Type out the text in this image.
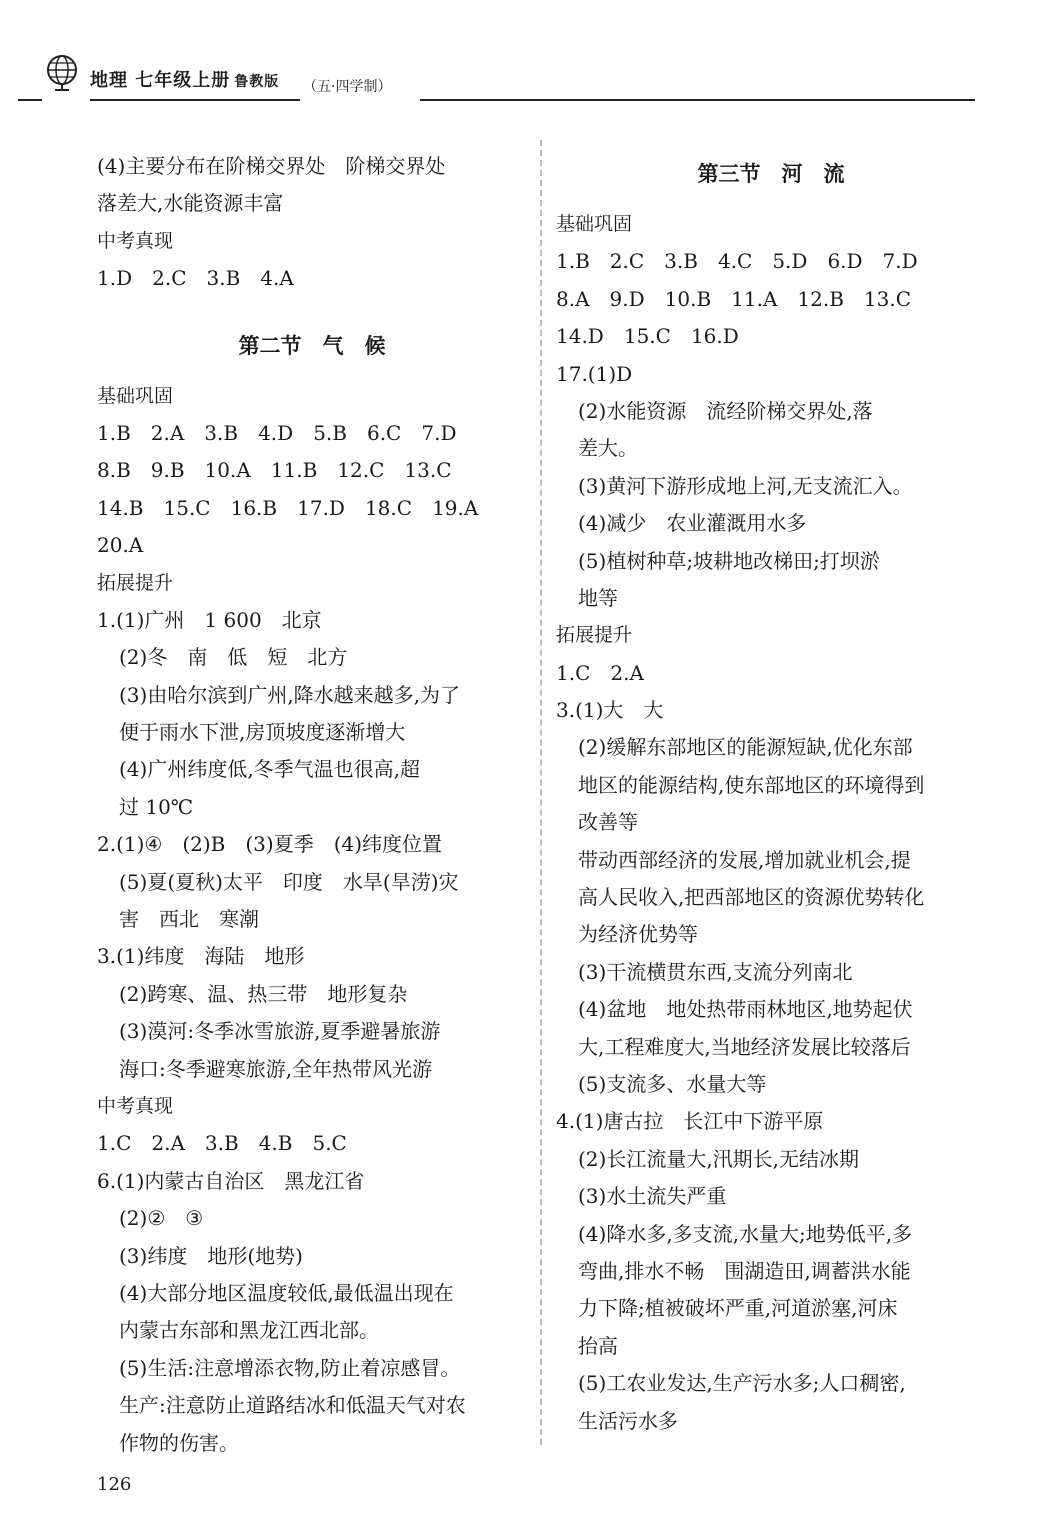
地理 七年级上册 鲁教版 （五·四学制）
(4)主要分布在阶梯交界处　阶梯交界处
落差大,水能资源丰富
中考真现
1.D　2.C　3.B　4.A
第二节　气　候
基础巩固
1.B　2.A　3.B　4.D　5.B　6.C　7.D
8.B　9.B　10.A　11.B　12.C　13.C
14.B　15.C　16.B　17.D　18.C　19.A
20.A
拓展提升
1.(1)广州　1 600　北京
(2)冬　南　低　短　北方
(3)由哈尔滨到广州,降水越来越多,为了
便于雨水下泄,房顶坡度逐渐增大
(4)广州纬度低,冬季气温也很高,超
过 10℃
2.(1)④　(2)B　(3)夏季　(4)纬度位置
(5)夏(夏秋)太平　印度　水旱(旱涝)灾
害　西北　寒潮
3.(1)纬度　海陆　地形
(2)跨寒、温、热三带　地形复杂
(3)漠河:冬季冰雪旅游,夏季避暑旅游
海口:冬季避寒旅游,全年热带风光游
中考真现
1.C　2.A　3.B　4.B　5.C
6.(1)内蒙古自治区　黑龙江省
(2)②　③
(3)纬度　地形(地势)
(4)大部分地区温度较低,最低温出现在
内蒙古东部和黑龙江西北部。
(5)生活:注意增添衣物,防止着凉感冒。
生产:注意防止道路结冰和低温天气对农
作物的伤害。
第三节　河　流
基础巩固
1.B　2.C　3.B　4.C　5.D　6.D　7.D
8.A　9.D　10.B　11.A　12.B　13.C
14.D　15.C　16.D
17.(1)D
(2)水能资源　流经阶梯交界处,落
差大。
(3)黄河下游形成地上河,无支流汇入。
(4)减少　农业灌溉用水多
(5)植树种草;坡耕地改梯田;打坝淤
地等
拓展提升
1.C　2.A
3.(1)大　大
(2)缓解东部地区的能源短缺,优化东部
地区的能源结构,使东部地区的环境得到
改善等
带动西部经济的发展,增加就业机会,提
高人民收入,把西部地区的资源优势转化
为经济优势等
(3)干流横贯东西,支流分列南北
(4)盆地　地处热带雨林地区,地势起伏
大,工程难度大,当地经济发展比较落后
(5)支流多、水量大等
4.(1)唐古拉　长江中下游平原
(2)长江流量大,汛期长,无结冰期
(3)水土流失严重
(4)降水多,多支流,水量大;地势低平,多
弯曲,排水不畅　围湖造田,调蓄洪水能
力下降;植被破坏严重,河道淤塞,河床
抬高
(5)工农业发达,生产污水多;人口稠密,
生活污水多
126
